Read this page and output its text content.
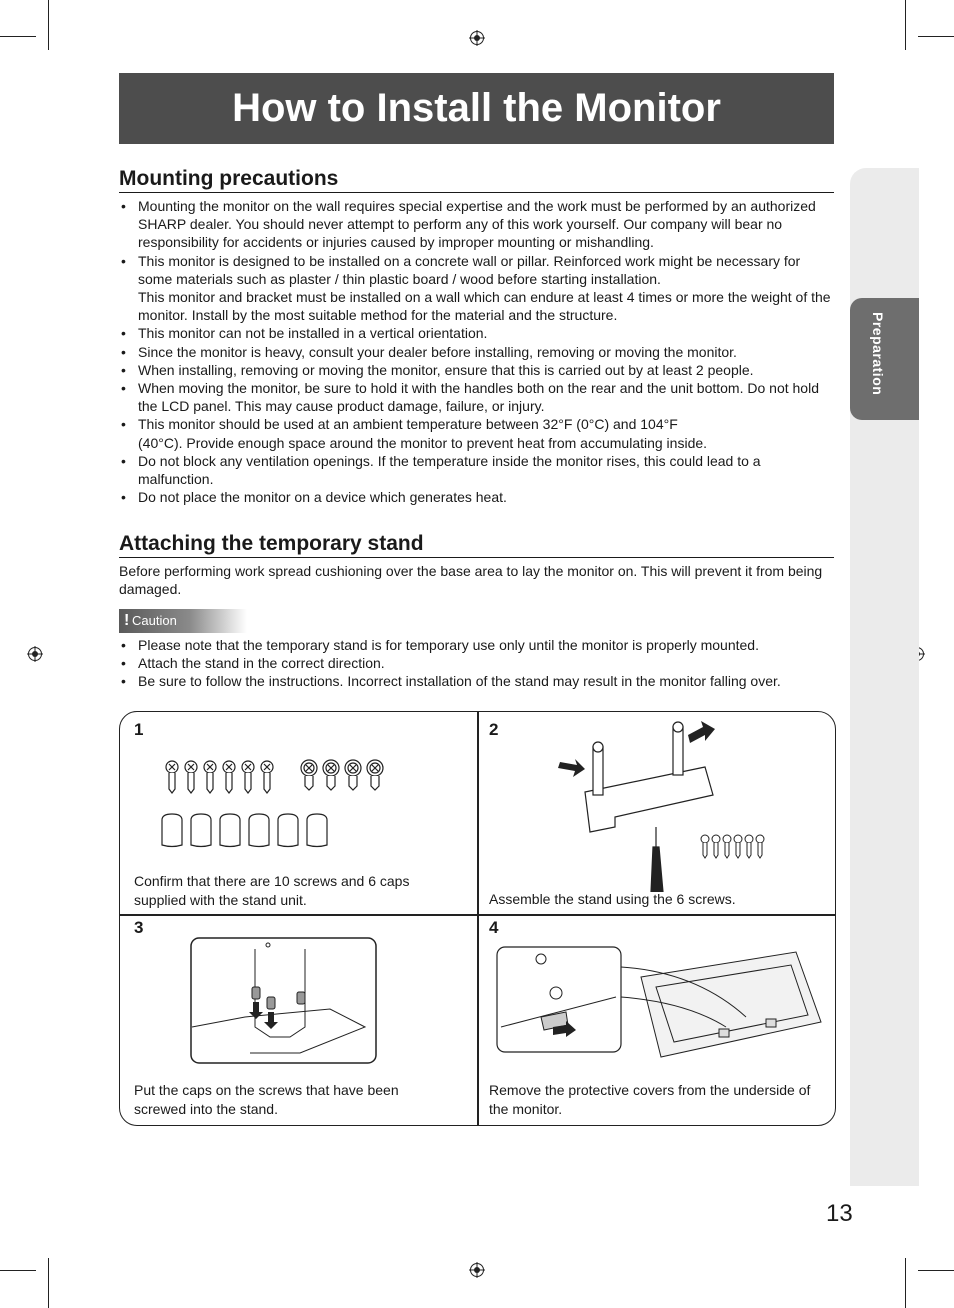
Preparation
How to Install the Monitor
Mounting precautions
• Mounting the monitor on the wall requires special expertise and the work must be performed by an authorized SHARP dealer. You should never attempt to perform any of this work yourself. Our company will bear no responsibility for accidents or injuries caused by improper mounting or mishandling.
• This monitor is designed to be installed on a concrete wall or pillar. Reinforced work might be necessary for some materials such as plaster / thin plastic board / wood before starting installation.
This monitor and bracket must be installed on a wall which can endure at least 4 times or more the weight of the monitor. Install by the most suitable method for the material and the structure.
• This monitor can not be installed in a vertical orientation.
• Since the monitor is heavy, consult your dealer before installing, removing or moving the monitor.
• When installing, removing or moving the monitor, ensure that this is carried out by at least 2 people.
• When moving the monitor, be sure to hold it with the handles both on the rear and the unit bottom. Do not hold the LCD panel. This may cause product damage, failure, or injury.
• This monitor should be used at an ambient temperature between 32°F (0°C) and 104°F
(40°C). Provide enough space around the monitor to prevent heat from accumulating inside.
• Do not block any ventilation openings. If the temperature inside the monitor rises, this could lead to a malfunction.
• Do not place the monitor on a device which generates heat.
Attaching the temporary stand
Before performing work spread cushioning over the base area to lay the monitor on. This will prevent it from being damaged.
! Caution
• Please note that the temporary stand is for temporary use only until the monitor is properly mounted.
• Attach the stand in the correct direction.
• Be sure to follow the instructions. Incorrect installation of the stand may result in the monitor falling over.
1
Confirm that there are 10 screws and 6 caps supplied with the stand unit.
2
Assemble the stand using the 6 screws.
3
Put the caps on the screws that have been screwed into the stand.
4
Remove the protective covers from the underside of the monitor.
13
